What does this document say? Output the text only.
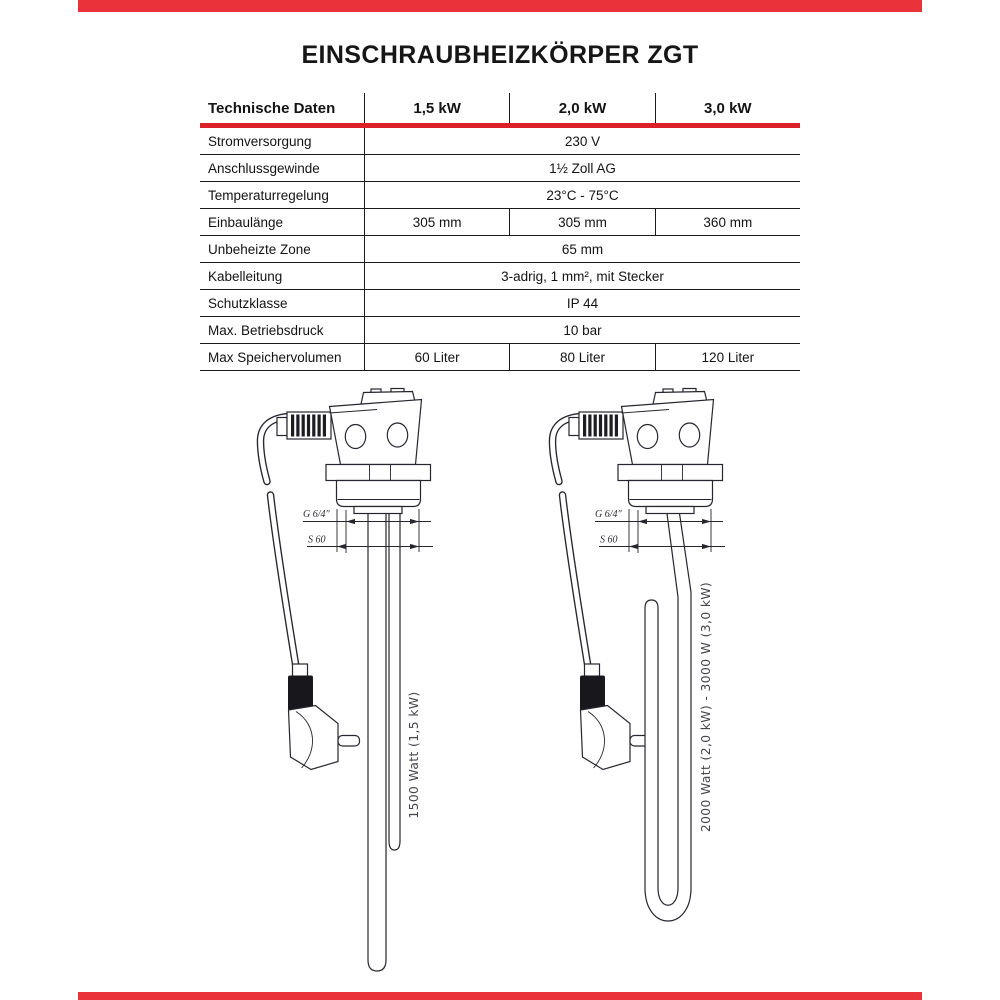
EINSCHRAUBHEIZKÖRPER ZGT
Technische Daten	1,5 kW	2,0 kW	3,0 kW
Stromversorgung	230 V
Anschlussgewinde	1½ Zoll AG
Temperaturregelung	23°C - 75°C
Einbaulänge	305 mm	305 mm	360 mm
Unbeheizte Zone	65 mm
Kabelleitung	3-adrig, 1 mm², mit Stecker
Schutzklasse	IP 44
Max. Betriebsdruck	10 bar
Max Speichervolumen	60 Liter	80 Liter	120 Liter
G 6/4″
S 60
1500 Watt (1,5 kW)	2000 Watt (2,0 kW) - 3000 W (3,0 kW)
